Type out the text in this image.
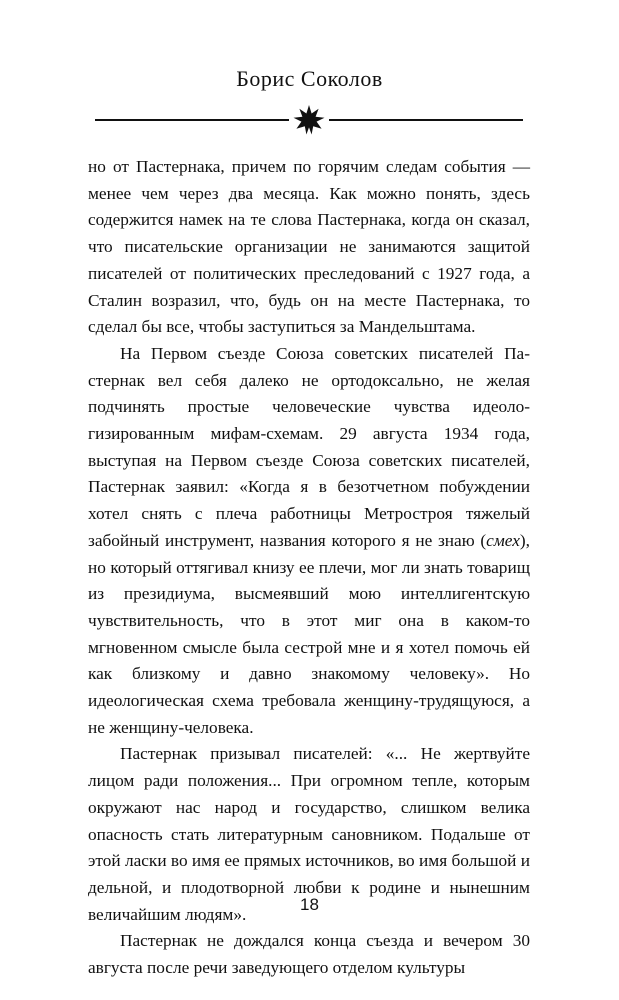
Борис Соколов

но от Пастернака, причем по горячим следам события — менее чем через два месяца. Как можно понять, здесь содержится намек на те слова Пастернака, когда он сказал, что писательские организации не занимаются защитой писателей от политических преследований с 1927 года, а Сталин возразил, что, будь он на месте Пастернака, то сделал бы все, чтобы заступиться за Мандельштама.

На Первом съезде Союза советских писателей Пастернак вел себя далеко не ортодоксально, не желая подчинять простые человеческие чувства идеологизированным мифам-схемам. 29 августа 1934 года, выступая на Первом съезде Союза советских писателей, Пастернак заявил: «Когда я в безотчетном побуждении хотел снять с плеча работницы Метростроя тяжелый забойный инструмент, названия которого я не знаю (смех), но который оттягивал книзу ее плечи, мог ли знать товарищ из президиума, высмеявший мою интеллигентскую чувствительность, что в этот миг она в каком-то мгновенном смысле была сестрой мне и я хотел помочь ей как близкому и давно знакомому человеку». Но идеологическая схема требовала женщину-трудящуюся, а не женщину-человека.

Пастернак призывал писателей: «... Не жертвуйте лицом ради положения... При огромном тепле, которым окружают нас народ и государство, слишком велика опасность стать литературным сановником. Подальше от этой ласки во имя ее прямых источников, во имя большой и дельной, и плодотворной любви к родине и нынешним величайшим людям».

Пастернак не дождался конца съезда и вечером 30 августа после речи заведующего отделом культуры

18
